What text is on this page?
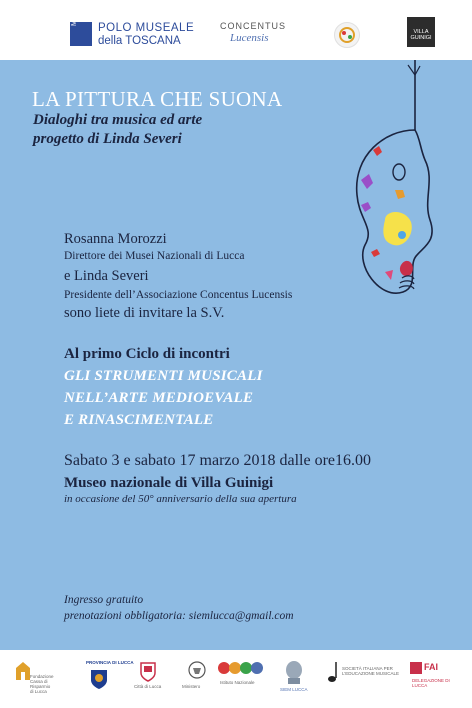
MiBACT
POLO MUSEALE
della TOSCANA
CONCENTUS
Lucensis	VILLA GUINIGI
LA PITTURA CHE SUONA
Dialoghi tra musica ed arte
progetto di Linda Severi
Rosanna Morozzi
Direttore dei Musei Nazionali di Lucca
e Linda Severi
Presidente dell’Associazione Concentus Lucensis
sono liete di invitare la S.V.
Al primo Ciclo di incontri
GLI STRUMENTI MUSICALI
NELL’ARTE MEDIOEVALE
E RINASCIMENTALE
Sabato 3 e sabato 17 marzo 2018 dalle ore16.00
Museo nazionale di Villa Guinigi
in occasione del 50° anniversario della sua apertura
Ingresso gratuito
prenotazioni obbligatoria: siemlucca@gmail.com
Fondazione Cassa di Risparmio di Lucca
PROVINCIA DI LUCCA
Città di Lucca	Ministero
Istituto Nazionale
SIEM LUCCA
SOCIETÀ ITALIANA PER L’EDUCAZIONE MUSICALE
FAI
DELEGAZIONE DI LUCCA
